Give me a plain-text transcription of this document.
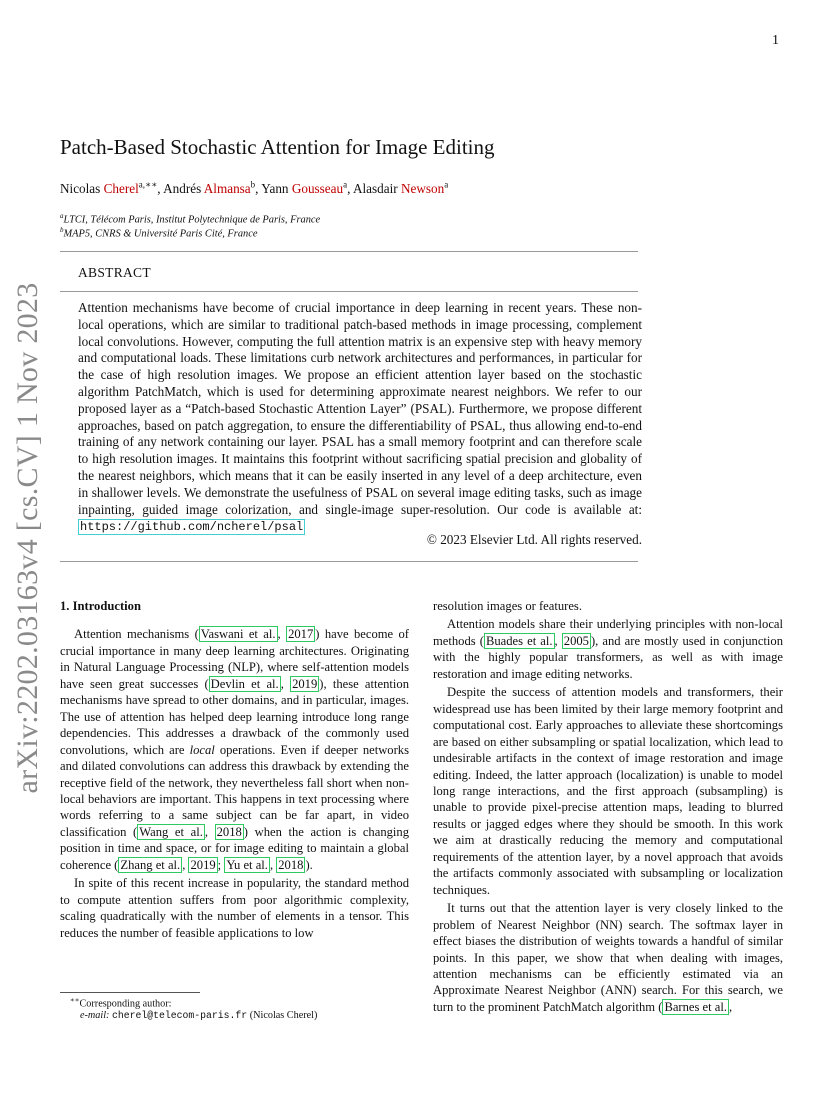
1
arXiv:2202.03163v4 [cs.CV] 1 Nov 2023
Patch-Based Stochastic Attention for Image Editing
Nicolas Cherel$^{a,∗∗}$, Andrés Almansa$^b$, Yann Gousseau$^a$, Alasdair Newson$^a$
$^a$LTCI, Télécom Paris, Institut Polytechnique de Paris, France
$^b$MAP5, CNRS & Université Paris Cité, France
ABSTRACT
Attention mechanisms have become of crucial importance in deep learning in recent years. These non-local operations, which are similar to traditional patch-based methods in image processing, complement local convolutions. However, computing the full attention matrix is an expensive step with heavy memory and computational loads. These limitations curb network architectures and performances, in particular for the case of high resolution images. We propose an efficient attention layer based on the stochastic algorithm PatchMatch, which is used for determining approximate nearest neighbors. We refer to our proposed layer as a “Patch-based Stochastic Attention Layer” (PSAL). Furthermore, we propose different approaches, based on patch aggregation, to ensure the differentiability of PSAL, thus allowing end-to-end training of any network containing our layer. PSAL has a small memory footprint and can therefore scale to high resolution images. It maintains this footprint without sacrificing spatial precision and globality of the nearest neighbors, which means that it can be easily inserted in any level of a deep architecture, even in shallower levels. We demonstrate the usefulness of PSAL on several image editing tasks, such as image inpainting, guided image colorization, and single-image super-resolution. Our code is available at: https://github.com/ncherel/psal
© 2023 Elsevier Ltd. All rights reserved.
1. Introduction

Attention mechanisms ( Vaswani et al. , 2017 ) have become of crucial importance in many deep learning architectures. Originating in Natural Language Processing (NLP), where self-attention models have seen great successes ( Devlin et al. , 2019 ), these attention mechanisms have spread to other domains, and in particular, images. The use of attention has helped deep learning introduce long range dependencies. This addresses a drawback of the commonly used convolutions, which are local operations. Even if deeper networks and dilated convolutions can address this drawback by extending the receptive field of the network, they nevertheless fall short when non-local behaviors are important. This happens in text processing where words referring to a same subject can be far apart, in video classification ( Wang et al. , 2018 ) when the action is changing position in time and space, or for image editing to maintain a global coherence ( Zhang et al. , 2019 ; Yu et al. , 2018 ).

In spite of this recent increase in popularity, the standard method to compute attention suffers from poor algorithmic complexity, scaling quadratically with the number of elements in a tensor. This reduces the number of feasible applications to low

resolution images or features.

Attention models share their underlying principles with non-local methods ( Buades et al. , 2005 ), and are mostly used in conjunction with the highly popular transformers, as well as with image restoration and image editing networks.

Despite the success of attention models and transformers, their widespread use has been limited by their large memory footprint and computational cost. Early approaches to alleviate these shortcomings are based on either subsampling or spatial localization, which lead to undesirable artifacts in the context of image restoration and image editing. Indeed, the latter approach (localization) is unable to model long range interactions, and the first approach (subsampling) is unable to provide pixel-precise attention maps, leading to blurred results or jagged edges where they should be smooth. In this work we aim at drastically reducing the memory and computational requirements of the attention layer, by a novel approach that avoids the artifacts commonly associated with subsampling or localization techniques.

It turns out that the attention layer is very closely linked to the problem of Nearest Neighbor (NN) search. The softmax layer in effect biases the distribution of weights towards a handful of similar points. In this paper, we show that when dealing with images, attention mechanisms can be efficiently estimated via an Approximate Nearest Neighbor (ANN) search. For this search, we turn to the prominent PatchMatch algorithm ( Barnes et al. ,

∗∗Corresponding author:
e-mail: cherel@telecom-paris.fr (Nicolas Cherel)
